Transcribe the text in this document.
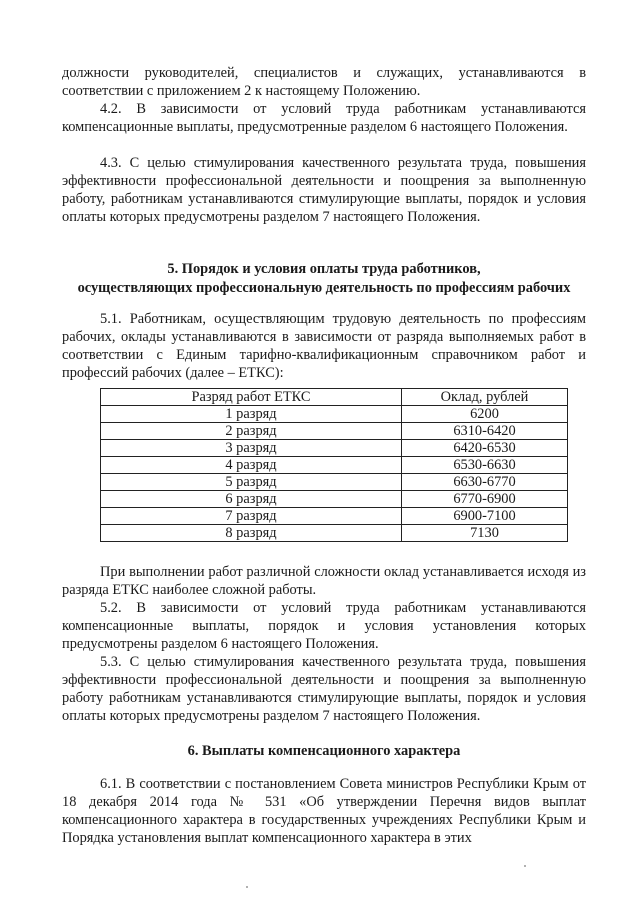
должности руководителей, специалистов и служащих, устанавливаются в соответствии с приложением 2 к настоящему Положению.

4.2. В зависимости от условий труда работникам устанавливаются компенсационные выплаты, предусмотренные разделом 6 настоящего Положения.

4.3. С целью стимулирования качественного результата труда, повышения эффективности профессиональной деятельности и поощрения за выполненную работу, работникам устанавливаются стимулирующие выплаты, порядок и условия оплаты которых предусмотрены разделом 7 настоящего Положения.

5. Порядок и условия оплаты труда работников,

осуществляющих профессиональную деятельность по профессиям рабочих

5.1. Работникам, осуществляющим трудовую деятельность по профессиям рабочих, оклады устанавливаются в зависимости от разряда выполняемых работ в соответствии с Единым тарифно-квалификационным справочником работ и профессий рабочих (далее – ЕТКС):

Разряд работ ЕТКС	Оклад, рублей
1 разряд	6200
2 разряд	6310-6420
3 разряд	6420-6530
4 разряд	6530-6630
5 разряд	6630-6770
6 разряд	6770-6900
7 разряд	6900-7100
8 разряд	7130

При выполнении работ различной сложности оклад устанавливается исходя из разряда ЕТКС наиболее сложной работы.

5.2. В зависимости от условий труда работникам устанавливаются компенсационные выплаты, порядок и условия установления которых предусмотрены разделом 6 настоящего Положения.

5.3. С целью стимулирования качественного результата труда, повышения эффективности профессиональной деятельности и поощрения за выполненную работу работникам устанавливаются стимулирующие выплаты, порядок и условия оплаты которых предусмотрены разделом 7 настоящего Положения.

6. Выплаты компенсационного характера

6.1. В соответствии с постановлением Совета министров Республики Крым от 18 декабря 2014 года № 531 «Об утверждении Перечня видов выплат компенсационного характера в государственных учреждениях Республики Крым и Порядка установления выплат компенсационного характера в этих
